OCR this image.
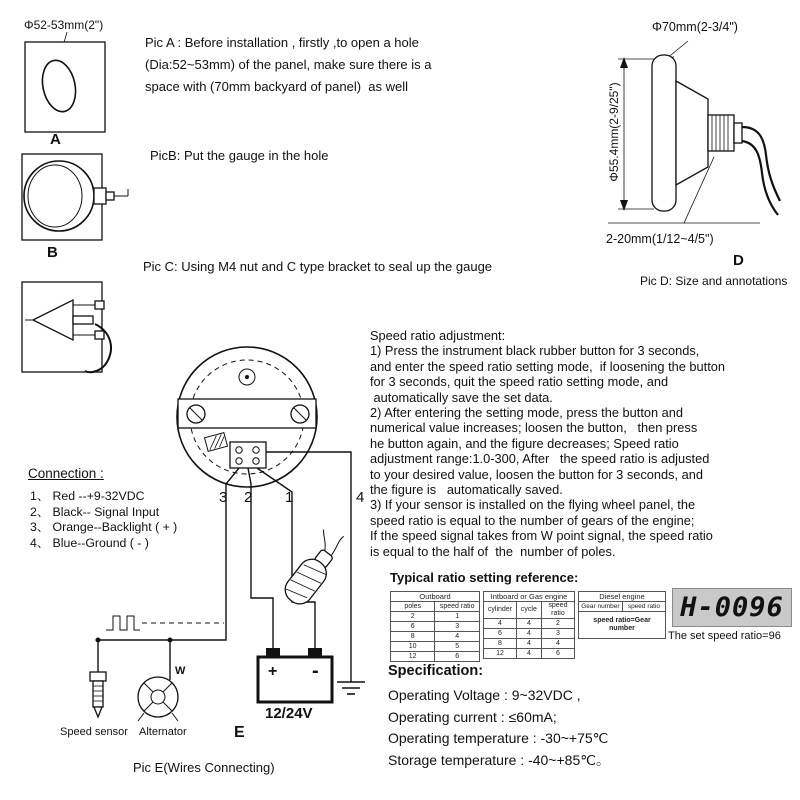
Φ52-53mm(2")
A
Pic A : Before installation , firstly ,to open a hole
(Dia:52~53mm) of the panel, make sure there is a
space with (70mm backyard of panel)  as well
PicB: Put the gauge in the hole
B
Pic C: Using M4 nut and C type bracket to seal up the gauge
Φ70mm(2-3/4")
Φ55.4mm(2-9/25")
2-20mm(1/12~4/5")
D
Pic D: Size and annotations
Speed ratio adjustment:
1) Press the instrument black rubber button for 3 seconds,
and enter the speed ratio setting mode,  if loosening the button
for 3 seconds, quit the speed ratio setting mode, and
automatically save the set data.
2) After entering the setting mode, press the button and
numerical value increases; loosen the button,   then press
he button again, and the figure decreases; Speed ratio
adjustment range:1.0-300, After   the speed ratio is adjusted
to your desired value, loosen the button for 3 seconds, and
the figure is   automatically saved.
3) If your sensor is installed on the flying wheel panel, the
speed ratio is equal to the number of gears of the engine;
If the speed signal takes from W point signal, the speed ratio
is equal to the half of  the  number of poles.
Connection :
1、 Red --+9-32VDC
2、 Black-- Signal Input
3、 Orange--Backlight ( + )
4、 Blue--Ground ( - )
3 2 1	4
+ -
12/24V
W
Speed sensor Alternator	E
Pic E(Wires Connecting)
Typical ratio setting reference:
Outboard	
poles	speed ratio
2	1
6	3
8	4
10	5
12	6
Intboard or Gas engine		
cylinder	cycle	speed ratio
4	4	2
6	4	3
8	4	4
12	4	6
Diesel engine
Gear number	speed ratio
speed ratio=Gear number
H-0096
The set speed ratio=96
Specification:
Operating Voltage : 9~32VDC ,
Operating current : ≤60mA;
Operating temperature : -30~+75℃
Storage temperature : -40~+85℃。
